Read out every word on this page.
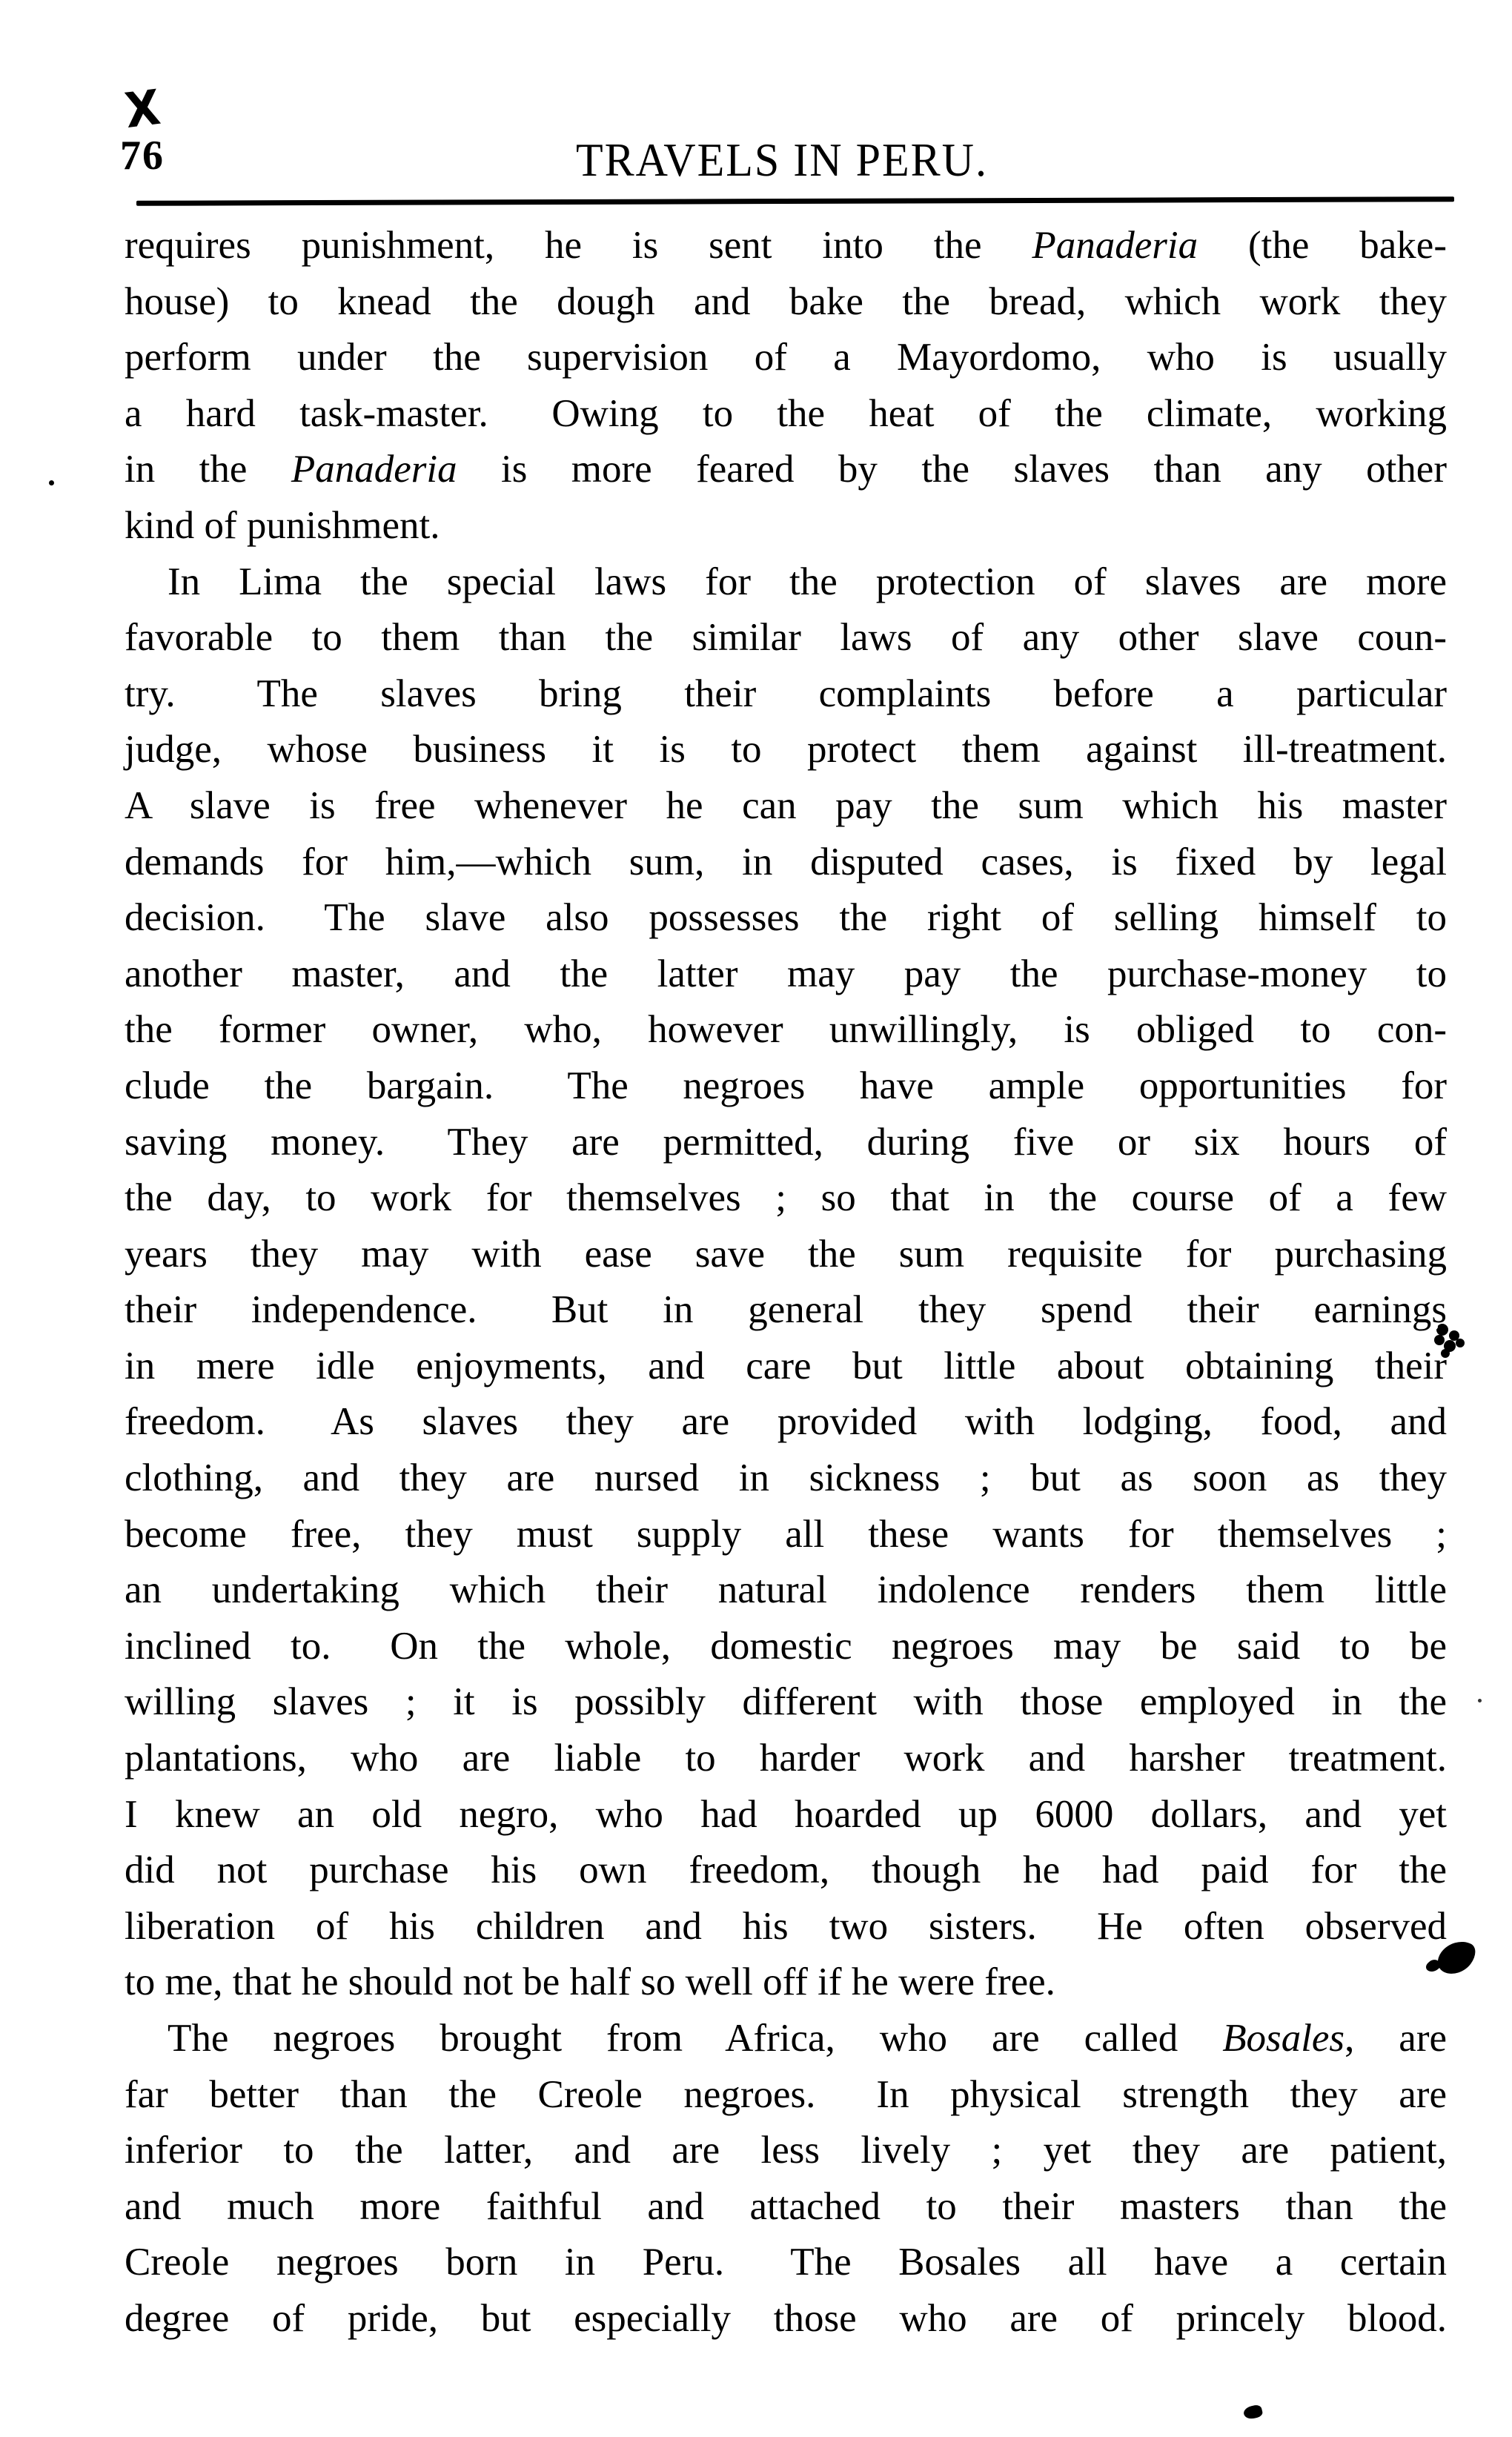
X
76	TRAVELS IN PERU.
requires punishment, he is sent into the Panaderia (the bake-
house) to knead the dough and bake the bread, which work they
perform under the supervision of a Mayordomo, who is usually
a hard task-master.  Owing to the heat of the climate, working
in the Panaderia is more feared by the slaves than any other
kind of punishment.
In Lima the special laws for the protection of slaves are more
favorable to them than the similar laws of any other slave coun-
try.  The slaves bring their complaints before a particular
judge, whose business it is to protect them against ill-treatment.
A slave is free whenever he can pay the sum which his master
demands for him,—which sum, in disputed cases, is fixed by legal
decision.  The slave also possesses the right of selling himself to
another master, and the latter may pay the purchase-money to
the former owner, who, however unwillingly, is obliged to con-
clude the bargain.  The negroes have ample opportunities for
saving money.  They are permitted, during five or six hours of
the day, to work for themselves ; so that in the course of a few
years they may with ease save the sum requisite for purchasing
their independence.  But in general they spend their earnings
in mere idle enjoyments, and care but little about obtaining their
freedom.  As slaves they are provided with lodging, food, and
clothing, and they are nursed in sickness ; but as soon as they
become free, they must supply all these wants for themselves ;
an undertaking which their natural indolence renders them little
inclined to.  On the whole, domestic negroes may be said to be
willing slaves ; it is possibly different with those employed in the
plantations, who are liable to harder work and harsher treatment.
I knew an old negro, who had hoarded up 6000 dollars, and yet
did not purchase his own freedom, though he had paid for the
liberation of his children and his two sisters.  He often observed
to me, that he should not be half so well off if he were free.
The negroes brought from Africa, who are called Bosales, are
far better than the Creole negroes.  In physical strength they are
inferior to the latter, and are less lively ; yet they are patient,
and much more faithful and attached to their masters than the
Creole negroes born in Peru.  The Bosales all have a certain
degree of pride, but especially those who are of princely blood.
